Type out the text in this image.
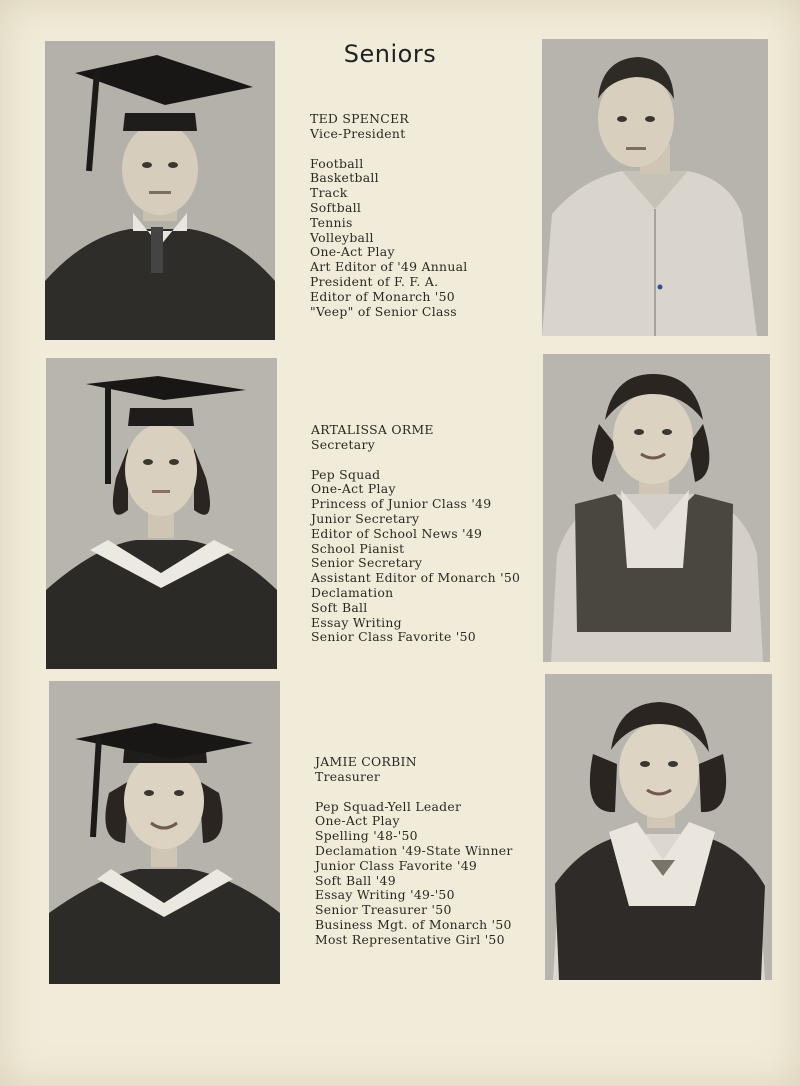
Seniors
TED SPENCER
Vice-President
Football
Basketball
Track
Softball
Tennis
Volleyball
One-Act Play
Art Editor of '49 Annual
President of F. F. A.
Editor of Monarch '50
"Veep" of Senior Class
ARTALISSA ORME
Secretary
Pep Squad
One-Act Play
Princess of Junior Class '49
Junior Secretary
Editor of School News '49
School Pianist
Senior Secretary
Assistant Editor of Monarch '50
Declamation
Soft Ball
Essay Writing
Senior Class Favorite '50
JAMIE CORBIN
Treasurer
Pep Squad-Yell Leader
One-Act Play
Spelling '48-'50
Declamation '49-State Winner
Junior Class Favorite '49
Soft Ball '49
Essay Writing '49-'50
Senior Treasurer '50
Business Mgt. of Monarch '50
Most Representative Girl '50
